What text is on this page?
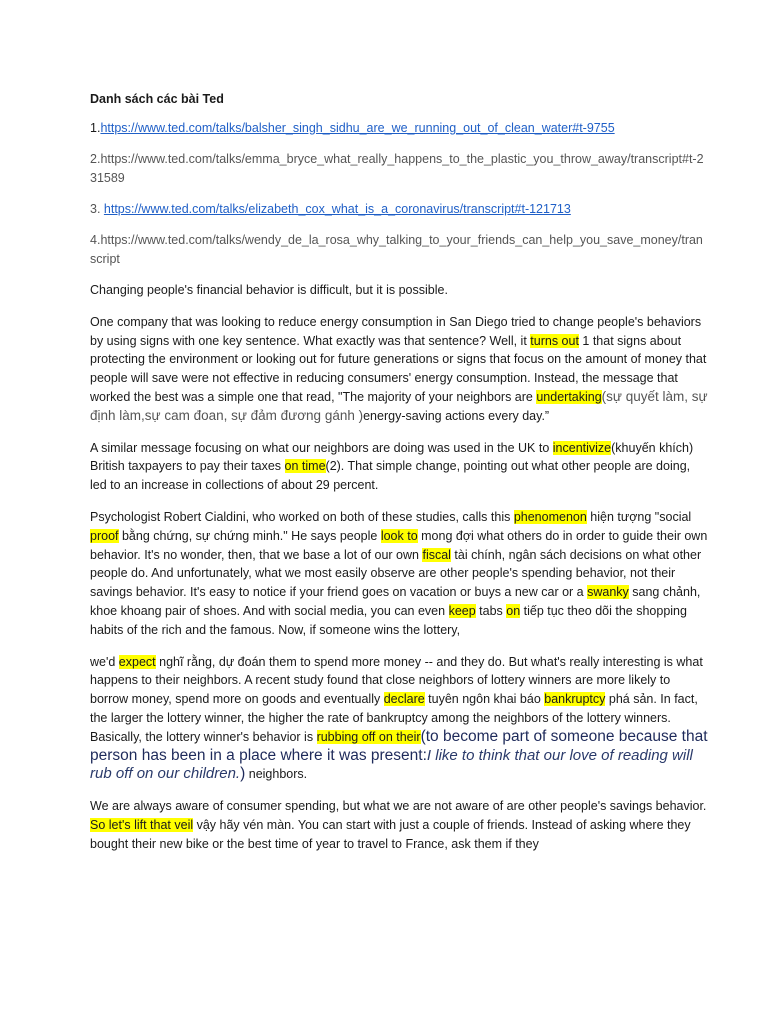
Danh sách các bài Ted

1.https://www.ted.com/talks/balsher_singh_sidhu_are_we_running_out_of_clean_water#t-9755

2.https://www.ted.com/talks/emma_bryce_what_really_happens_to_the_plastic_you_throw_away/transcript#t-231589

3. https://www.ted.com/talks/elizabeth_cox_what_is_a_coronavirus/transcript#t-121713

4.https://www.ted.com/talks/wendy_de_la_rosa_why_talking_to_your_friends_can_help_you_save_money/transcript

Changing people's financial behavior is difficult, but it is possible.

One company that was looking to reduce energy consumption in San Diego tried to change people's behaviors by using signs with one key sentence. What exactly was that sentence? Well, it turns out 1 that signs about protecting the environment or looking out for future generations or signs that focus on the amount of money that people will save were not effective in reducing consumers' energy consumption. Instead, the message that worked the best was a simple one that read, "The majority of your neighbors are undertaking(sự quyết làm, sự định làm,sự cam đoan, sự đảm đương gánh )energy-saving actions every day.”

A similar message focusing on what our neighbors are doing was used in the UK to incentivize(khuyến khích) British taxpayers to pay their taxes on time(2). That simple change, pointing out what other people are doing, led to an increase in collections of about 29 percent.

Psychologist Robert Cialdini, who worked on both of these studies, calls this phenomenon hiện tượng "social proof bằng chứng, sự chứng minh." He says people look to mong đợi what others do in order to guide their own behavior. It's no wonder, then, that we base a lot of our own fiscal tài chính, ngân sách decisions on what other people do. And unfortunately, what we most easily observe are other people's spending behavior, not their savings behavior. It's easy to notice if your friend goes on vacation or buys a new car or a swanky sang chảnh, khoe khoang pair of shoes. And with social media, you can even keep tabs on tiếp tục theo dõi the shopping habits of the rich and the famous. Now, if someone wins the lottery,

we'd expect nghĩ rằng, dự đoán them to spend more money -- and they do. But what's really interesting is what happens to their neighbors. A recent study found that close neighbors of lottery winners are more likely to borrow money, spend more on goods and eventually declare tuyên ngôn khai báo bankruptcy phá sản. In fact, the larger the lottery winner, the higher the rate of bankruptcy among the neighbors of the lottery winners. Basically, the lottery winner's behavior is rubbing off on their(to become part of someone because that person has been in a place where it was present:I like to think that our love of reading will rub off on our children.) neighbors.

We are always aware of consumer spending, but what we are not aware of are other people's savings behavior. So let's lift that veil vậy hãy vén màn. You can start with just a couple of friends. Instead of asking where they bought their new bike or the best time of year to travel to France, ask them if they
